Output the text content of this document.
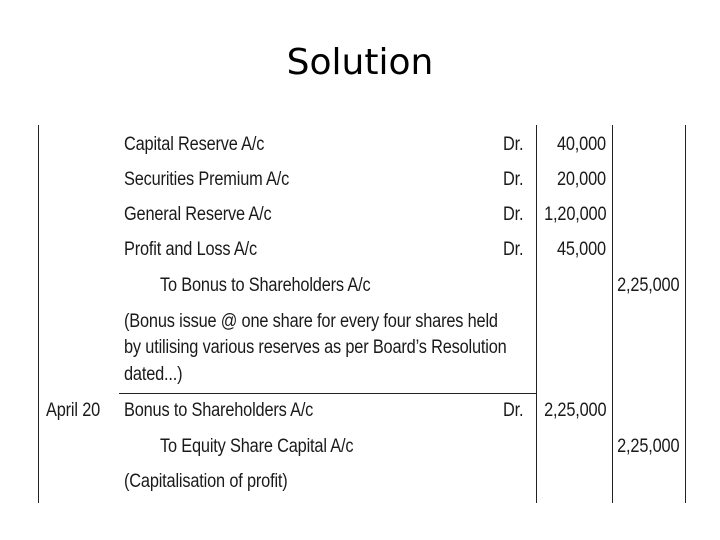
Solution
Capital Reserve A/c	Dr. 40,000
Securities Premium A/c	Dr. 20,000
General Reserve A/c	Dr. 1,20,000
Profit and Loss A/c	Dr. 45,000
To Bonus to Shareholders A/c	2,25,000
(Bonus issue @ one share for every four shares held
by utilising various reserves as per Board’s Resolution
dated...)
April 20 Bonus to Shareholders A/c	Dr. 2,25,000
To Equity Share Capital A/c	2,25,000
(Capitalisation of profit)
